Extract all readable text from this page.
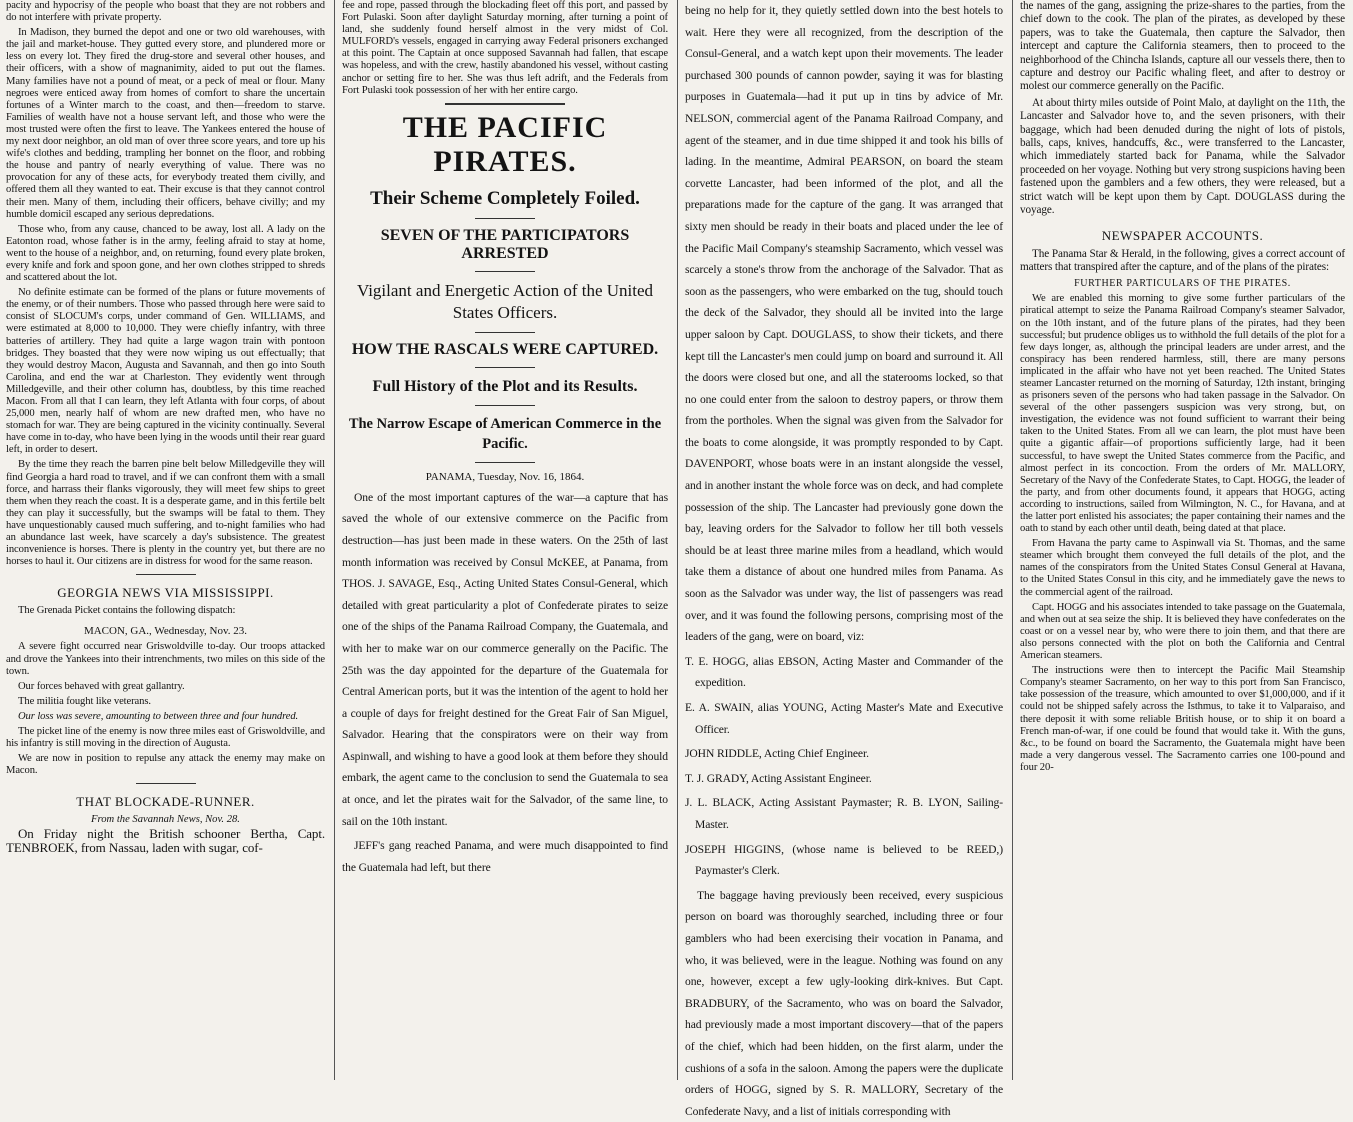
pacity and hypocrisy of the people who boast that they are not robbers and do not interfere with private property.

In Madison, they burned the depot and one or two old warehouses, with the jail and market-house. They gutted every store, and plundered more or less on every lot. They fired the drug-store and several other houses, and their officers, with a show of magnanimity, aided to put out the flames. Many families have not a pound of meat, or a peck of meal or flour. Many negroes were enticed away from homes of comfort to share the uncertain fortunes of a Winter march to the coast, and then—freedom to starve. Families of wealth have not a house servant left, and those who were the most trusted were often the first to leave. The Yankees entered the house of my next door neighbor, an old man of over three score years, and tore up his wife's clothes and bedding, trampling her bonnet on the floor, and robbing the house and pantry of nearly everything of value. There was no provocation for any of these acts, for everybody treated them civilly, and offered them all they wanted to eat. Their excuse is that they cannot control their men. Many of them, including their officers, behave civilly; and my humble domicil escaped any serious depredations.

Those who, from any cause, chanced to be away, lost all. A lady on the Eatonton road, whose father is in the army, feeling afraid to stay at home, went to the house of a neighbor, and, on returning, found every plate broken, every knife and fork and spoon gone, and her own clothes stripped to shreds and scattered about the lot.

No definite estimate can be formed of the plans or future movements of the enemy, or of their numbers. Those who passed through here were said to consist of SLOCUM's corps, under command of Gen. WILLIAMS, and were estimated at 8,000 to 10,000. They were chiefly infantry, with three batteries of artillery. They had quite a large wagon train with pontoon bridges. They boasted that they were now wiping us out effectually; that they would destroy Macon, Augusta and Savannah, and then go into South Carolina, and end the war at Charleston. They evidently went through Milledgeville, and their other column has, doubtless, by this time reached Macon. From all that I can learn, they left Atlanta with four corps, of about 25,000 men, nearly half of whom are new drafted men, who have no stomach for war. They are being captured in the vicinity continually. Several have come in to-day, who have been lying in the woods until their rear guard left, in order to desert.

By the time they reach the barren pine belt below Milledgeville they will find Georgia a hard road to travel, and if we can confront them with a small force, and harrass their flanks vigorously, they will meet few ships to greet them when they reach the coast. It is a desperate game, and in this fertile belt they can play it successfully, but the swamps will be fatal to them. They have unquestionably caused much suffering, and to-night families who had an abundance last week, have scarcely a day's subsistence. The greatest inconvenience is horses. There is plenty in the country yet, but there are no horses to haul it. Our citizens are in distress for wood for the same reason.

GEORGIA NEWS VIA MISSISSIPPI.

The Grenada Picket contains the following dispatch:

MACON, GA., Wednesday, Nov. 23.

A severe fight occurred near Griswoldville to-day. Our troops attacked and drove the Yankees into their intrenchments, two miles on this side of the town.

Our forces behaved with great gallantry.

The militia fought like veterans.

Our loss was severe, amounting to between three and four hundred.

The picket line of the enemy is now three miles east of Griswoldville, and his infantry is still moving in the direction of Augusta.

We are now in position to repulse any attack the enemy may make on Macon.

THAT BLOCKADE-RUNNER.
From the Savannah News, Nov. 28.

On Friday night the British schooner Bertha, Capt. TENBROEK, from Nassau, laden with sugar, cof-

fee and rope, passed through the blockading fleet off this port, and passed by Fort Pulaski. Soon after daylight Saturday morning, after turning a point of land, she suddenly found herself almost in the very midst of Col. MULFORD's vessels, engaged in carrying away Federal prisoners exchanged at this point. The Captain at once supposed Savannah had fallen, that escape was hopeless, and with the crew, hastily abandoned his vessel, without casting anchor or setting fire to her. She was thus left adrift, and the Federals from Fort Pulaski took possession of her with her entire cargo.

THE PACIFIC PIRATES.
Their Scheme Completely Foiled.
SEVEN OF THE PARTICIPATORS ARRESTED
Vigilant and Energetic Action of the United States Officers.
HOW THE RASCALS WERE CAPTURED.
Full History of the Plot and its Results.
The Narrow Escape of American Commerce in the Pacific.
PANAMA, Tuesday, Nov. 16, 1864.

One of the most important captures of the war—a capture that has saved the whole of our extensive commerce on the Pacific from destruction—has just been made in these waters. On the 25th of last month information was received by Consul McKEE, at Panama, from THOS. J. SAVAGE, Esq., Acting United States Consul-General, which detailed with great particularity a plot of Confederate pirates to seize one of the ships of the Panama Railroad Company, the Guatemala, and with her to make war on our commerce generally on the Pacific. The 25th was the day appointed for the departure of the Guatemala for Central American ports, but it was the intention of the agent to hold her a couple of days for freight destined for the Great Fair of San Miguel, Salvador. Hearing that the conspirators were on their way from Aspinwall, and wishing to have a good look at them before they should embark, the agent came to the conclusion to send the Guatemala to sea at once, and let the pirates wait for the Salvador, of the same line, to sail on the 10th instant.

JEFF's gang reached Panama, and were much disappointed to find the Guatemala had left, but there

being no help for it, they quietly settled down into the best hotels to wait. Here they were all recognized, from the description of the Consul-General, and a watch kept upon their movements. The leader purchased 300 pounds of cannon powder, saying it was for blasting purposes in Guatemala—had it put up in tins by advice of Mr. NELSON, commercial agent of the Panama Railroad Company, and agent of the steamer, and in due time shipped it and took his bills of lading. In the meantime, Admiral PEARSON, on board the steam corvette Lancaster, had been informed of the plot, and all the preparations made for the capture of the gang. It was arranged that sixty men should be ready in their boats and placed under the lee of the Pacific Mail Company's steamship Sacramento, which vessel was scarcely a stone's throw from the anchorage of the Salvador. That as soon as the passengers, who were embarked on the tug, should touch the deck of the Salvador, they should all be invited into the large upper saloon by Capt. DOUGLASS, to show their tickets, and there kept till the Lancaster's men could jump on board and surround it. All the doors were closed but one, and all the staterooms locked, so that no one could enter from the saloon to destroy papers, or throw them from the portholes. When the signal was given from the Salvador for the boats to come alongside, it was promptly responded to by Capt. DAVENPORT, whose boats were in an instant alongside the vessel, and in another instant the whole force was on deck, and had complete possession of the ship. The Lancaster had previously gone down the bay, leaving orders for the Salvador to follow her till both vessels should be at least three marine miles from a headland, which would take them a distance of about one hundred miles from Panama. As soon as the Salvador was under way, the list of passengers was read over, and it was found the following persons, comprising most of the leaders of the gang, were on board, viz:

T. E. HOGG, alias EBSON, Acting Master and Commander of the expedition.

E. A. SWAIN, alias YOUNG, Acting Master's Mate and Executive Officer.

JOHN RIDDLE, Acting Chief Engineer.

T. J. GRADY, Acting Assistant Engineer.

J. L. BLACK, Acting Assistant Paymaster; R. B. LYON, Sailing-Master.

JOSEPH HIGGINS, (whose name is believed to be REED,) Paymaster's Clerk.

The baggage having previously been received, every suspicious person on board was thoroughly searched, including three or four gamblers who had been exercising their vocation in Panama, and who, it was believed, were in the league. Nothing was found on any one, however, except a few ugly-looking dirk-knives. But Capt. BRADBURY, of the Sacramento, who was on board the Salvador, had previously made a most important discovery—that of the papers of the chief, which had been hidden, on the first alarm, under the cushions of a sofa in the saloon. Among the papers were the duplicate orders of HOGG, signed by S. R. MALLORY, Secretary of the Confederate Navy, and a list of initials corresponding with

the names of the gang, assigning the prize-shares to the parties, from the chief down to the cook. The plan of the pirates, as developed by these papers, was to take the Guatemala, then capture the Salvador, then intercept and capture the California steamers, then to proceed to the neighborhood of the Chincha Islands, capture all our vessels there, then to capture and destroy our Pacific whaling fleet, and after to destroy or molest our commerce generally on the Pacific.

At about thirty miles outside of Point Malo, at daylight on the 11th, the Lancaster and Salvador hove to, and the seven prisoners, with their baggage, which had been denuded during the night of lots of pistols, balls, caps, knives, handcuffs, &c., were transferred to the Lancaster, which immediately started back for Panama, while the Salvador proceeded on her voyage. Nothing but very strong suspicions having been fastened upon the gamblers and a few others, they were released, but a strict watch will be kept upon them by Capt. DOUGLASS during the voyage.

NEWSPAPER ACCOUNTS.

The Panama Star & Herald, in the following, gives a correct account of matters that transpired after the capture, and of the plans of the pirates:

FURTHER PARTICULARS OF THE PIRATES.

We are enabled this morning to give some further particulars of the piratical attempt to seize the Panama Railroad Company's steamer Salvador, on the 10th instant, and of the future plans of the pirates, had they been successful; but prudence obliges us to withhold the full details of the plot for a few days longer, as, although the principal leaders are under arrest, and the conspiracy has been rendered harmless, still, there are many persons implicated in the affair who have not yet been reached. The United States steamer Lancaster returned on the morning of Saturday, 12th instant, bringing as prisoners seven of the persons who had taken passage in the Salvador. On several of the other passengers suspicion was very strong, but, on investigation, the evidence was not found sufficient to warrant their being taken to the United States. From all we can learn, the plot must have been quite a gigantic affair—of proportions sufficiently large, had it been successful, to have swept the United States commerce from the Pacific, and almost perfect in its concoction. From the orders of Mr. MALLORY, Secretary of the Navy of the Confederate States, to Capt. HOGG, the leader of the party, and from other documents found, it appears that HOGG, acting according to instructions, sailed from Wilmington, N. C., for Havana, and at the latter port enlisted his associates; the paper containing their names and the oath to stand by each other until death, being dated at that place.

From Havana the party came to Aspinwall via St. Thomas, and the same steamer which brought them conveyed the full details of the plot, and the names of the conspirators from the United States Consul General at Havana, to the United States Consul in this city, and he immediately gave the news to the commercial agent of the railroad.

Capt. HOGG and his associates intended to take passage on the Guatemala, and when out at sea seize the ship. It is believed they have confederates on the coast or on a vessel near by, who were there to join them, and that there are also persons connected with the plot on both the California and Central American steamers.

The instructions were then to intercept the Pacific Mail Steamship Company's steamer Sacramento, on her way to this port from San Francisco, take possession of the treasure, which amounted to over $1,000,000, and if it could not be shipped safely across the Isthmus, to take it to Valparaiso, and there deposit it with some reliable British house, or to ship it on board a French man-of-war, if one could be found that would take it. With the guns, &c., to be found on board the Sacramento, the Guatemala might have been made a very dangerous vessel. The Sacramento carries one 100-pound and four 20-
